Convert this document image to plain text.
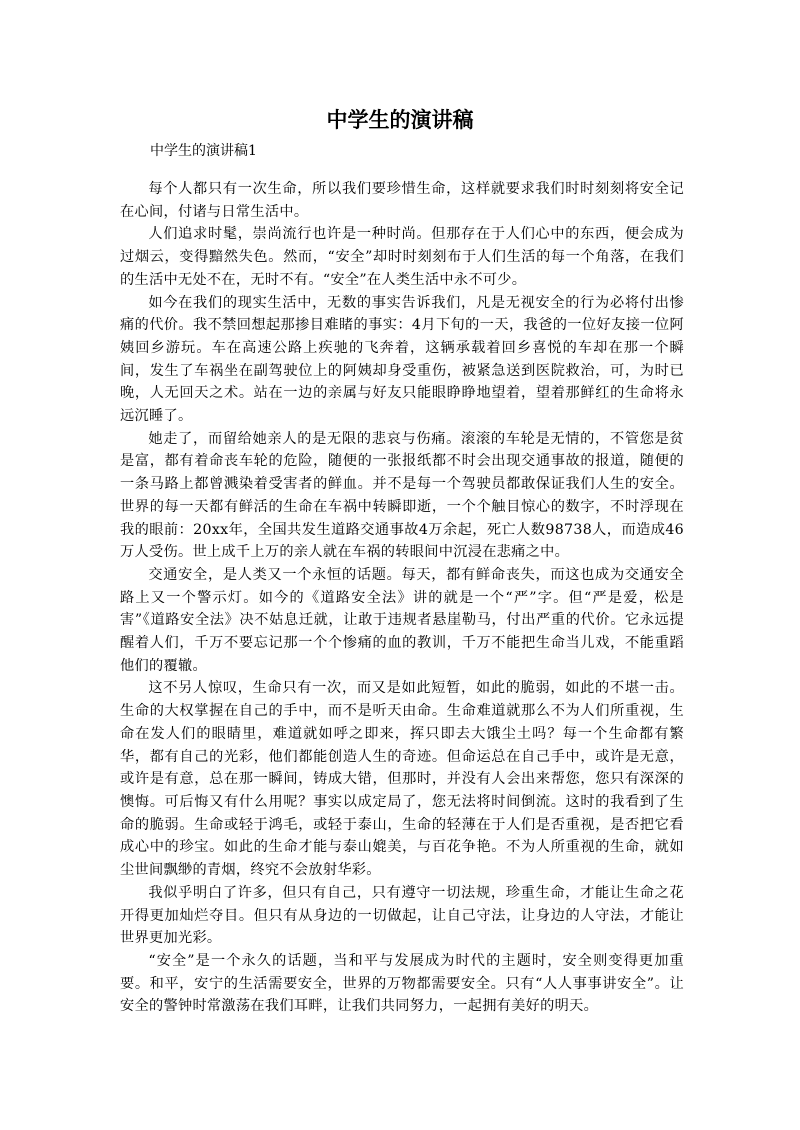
中学生的演讲稿
中学生的演讲稿1

每个人都只有一次生命，所以我们要珍惜生命，这样就要求我们时时刻刻将安全记在心间，付诸与日常生活中。

人们追求时髦，崇尚流行也许是一种时尚。但那存在于人们心中的东西，便会成为过烟云，变得黯然失色。然而，“安全”却时时刻刻布于人们生活的每一个角落，在我们的生活中无处不在，无时不有。“安全”在人类生活中永不可少。

如今在我们的现实生活中，无数的事实告诉我们，凡是无视安全的行为必将付出惨痛的代价。我不禁回想起那掺目难睹的事实：4月下旬的一天，我爸的一位好友接一位阿姨回乡游玩。车在高速公路上疾驰的飞奔着，这辆承载着回乡喜悦的车却在那一个瞬间，发生了车祸坐在副驾驶位上的阿姨却身受重伤，被紧急送到医院救治，可，为时已晚，人无回天之术。站在一边的亲属与好友只能眼睁睁地望着，望着那鲜红的生命将永远沉睡了。

她走了，而留给她亲人的是无限的悲哀与伤痛。滚滚的车轮是无情的，不管您是贫是富，都有着命丧车轮的危险，随便的一张报纸都不时会出现交通事故的报道，随便的一条马路上都曾溅染着受害者的鲜血。并不是每一个驾驶员都敢保证我们人生的安全。世界的每一天都有鲜活的生命在车祸中转瞬即逝，一个个触目惊心的数字，不时浮现在我的眼前：20xx年，全国共发生道路交通事故4万余起，死亡人数98738人，而造成46万人受伤。世上成千上万的亲人就在车祸的转眼间中沉浸在悲痛之中。

交通安全，是人类又一个永恒的话题。每天，都有鲜命丧失，而这也成为交通安全路上又一个警示灯。如今的《道路安全法》讲的就是一个“严”字。但“严是爱，松是害”《道路安全法》决不姑息迁就，让敢于违规者悬崖勒马，付出严重的代价。它永远提醒着人们，千万不要忘记那一个个惨痛的血的教训，千万不能把生命当儿戏，不能重蹈他们的覆辙。

这不另人惊叹，生命只有一次，而又是如此短暂，如此的脆弱，如此的不堪一击。生命的大权掌握在自己的手中，而不是听天由命。生命难道就那么不为人们所重视，生命在发人们的眼睛里，难道就如呼之即来，挥只即去大饿尘土吗？每一个生命都有繁华，都有自己的光彩，他们都能创造人生的奇迹。但命运总在自己手中，或许是无意，或许是有意，总在那一瞬间，铸成大错，但那时，并没有人会出来帮您，您只有深深的懊悔。可后悔又有什么用呢？事实以成定局了，您无法将时间倒流。这时的我看到了生命的脆弱。生命或轻于鸿毛，或轻于泰山，生命的轻薄在于人们是否重视，是否把它看成心中的珍宝。如此的生命才能与泰山媲美，与百花争艳。不为人所重视的生命，就如尘世间飘缈的青烟，终究不会放射华彩。

我似乎明白了许多，但只有自己，只有遵守一切法规，珍重生命，才能让生命之花开得更加灿烂夺目。但只有从身边的一切做起，让自己守法，让身边的人守法，才能让世界更加光彩。

“安全”是一个永久的话题，当和平与发展成为时代的主题时，安全则变得更加重要。和平，安宁的生活需要安全，世界的万物都需要安全。只有“人人事事讲安全”。让安全的警钟时常激荡在我们耳畔，让我们共同努力，一起拥有美好的明天。
